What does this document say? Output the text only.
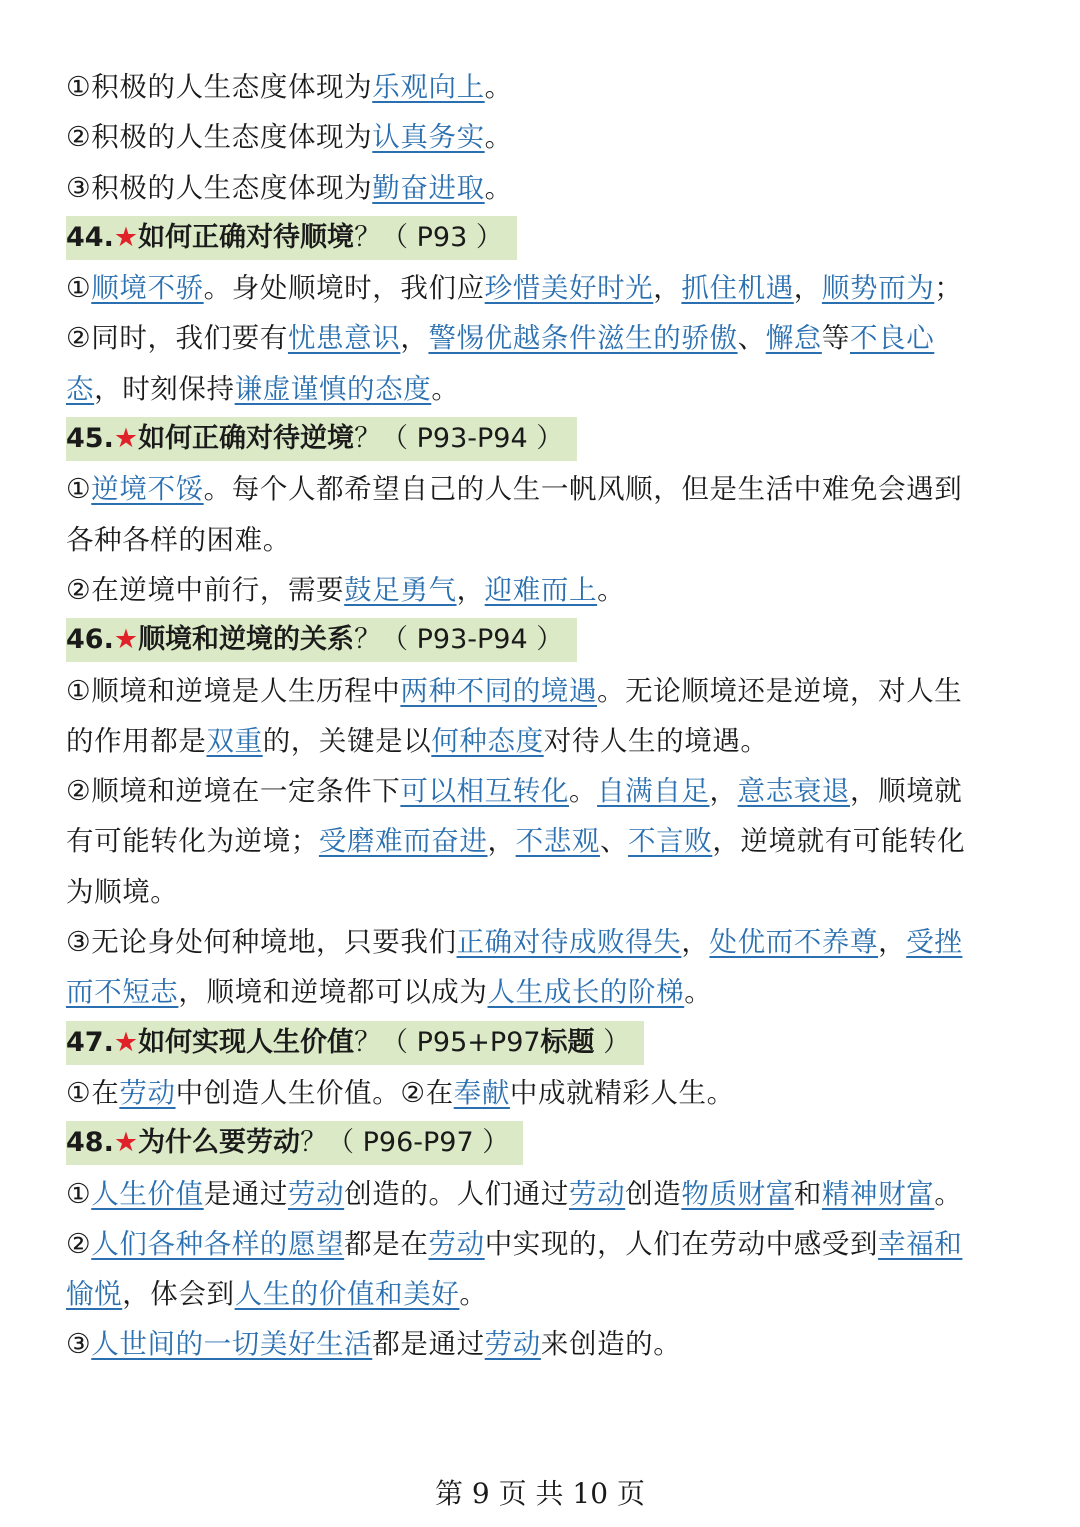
①积极的人生态度体现为乐观向上。
②积极的人生态度体现为认真务实。
③积极的人生态度体现为勤奋进取。
44.★如何正确对待顺境？（ P93 ）
①顺境不骄。身处顺境时，我们应珍惜美好时光，抓住机遇，顺势而为；
②同时，我们要有忧患意识，警惕优越条件滋生的骄傲、懈怠等不良心
态，时刻保持谦虚谨慎的态度。
45.★如何正确对待逆境？（ P93-P94 ）
①逆境不馁。每个人都希望自己的人生一帆风顺，但是生活中难免会遇到
各种各样的困难。
②在逆境中前行，需要鼓足勇气，迎难而上。
46.★顺境和逆境的关系？（ P93-P94 ）
①顺境和逆境是人生历程中两种不同的境遇。无论顺境还是逆境，对人生
的作用都是双重的，关键是以何种态度对待人生的境遇。
②顺境和逆境在一定条件下可以相互转化。自满自足，意志衰退，顺境就
有可能转化为逆境；受磨难而奋进，不悲观、不言败，逆境就有可能转化
为顺境。
③无论身处何种境地，只要我们正确对待成败得失，处优而不养尊，受挫
而不短志，顺境和逆境都可以成为人生成长的阶梯。
47.★如何实现人生价值？（ P95+P97标题 ）
①在劳动中创造人生价值。②在奉献中成就精彩人生。
48.★为什么要劳动？（ P96-P97 ）
①人生价值是通过劳动创造的。人们通过劳动创造物质财富和精神财富。
②人们各种各样的愿望都是在劳动中实现的，人们在劳动中感受到幸福和
愉悦，体会到人生的价值和美好。
③人世间的一切美好生活都是通过劳动来创造的。
第 9 页 共 10 页
